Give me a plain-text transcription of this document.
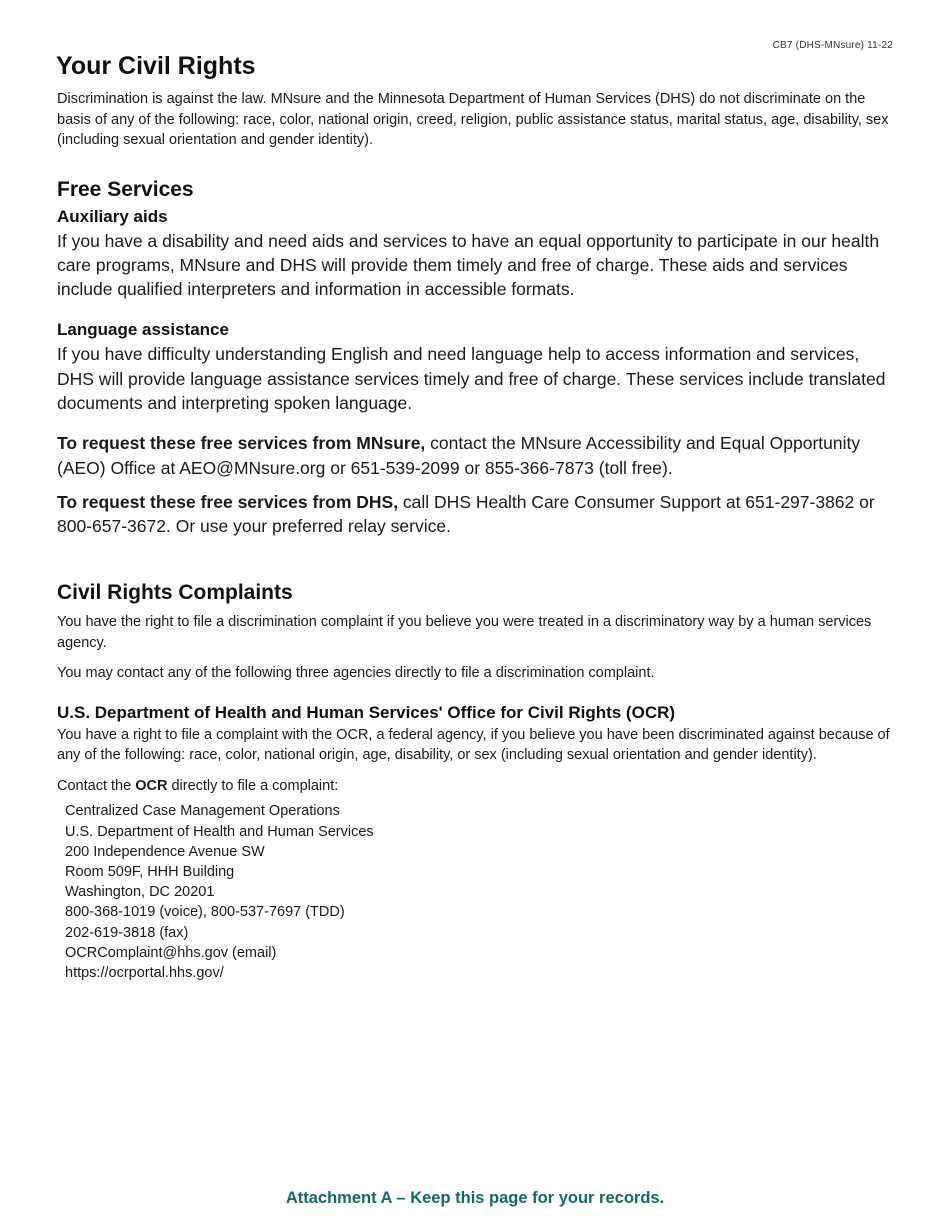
CB7 (DHS-MNsure) 11-22
Your Civil Rights

Discrimination is against the law. MNsure and the Minnesota Department of Human Services (DHS) do not discriminate on the basis of any of the following: race, color, national origin, creed, religion, public assistance status, marital status, age, disability, sex (including sexual orientation and gender identity).

Free Services
Auxiliary aids

If you have a disability and need aids and services to have an equal opportunity to participate in our health care programs, MNsure and DHS will provide them timely and free of charge. These aids and services include qualified interpreters and information in accessible formats.

Language assistance

If you have difficulty understanding English and need language help to access information and services, DHS will provide language assistance services timely and free of charge. These services include translated documents and interpreting spoken language.

To request these free services from MNsure, contact the MNsure Accessibility and Equal Opportunity (AEO) Office at AEO@MNsure.org or 651-539-2099 or 855-366-7873 (toll free).

To request these free services from DHS, call DHS Health Care Consumer Support at 651-297-3862 or 800-657-3672. Or use your preferred relay service.

Civil Rights Complaints

You have the right to file a discrimination complaint if you believe you were treated in a discriminatory way by a human services agency.

You may contact any of the following three agencies directly to file a discrimination complaint.

U.S. Department of Health and Human Services' Office for Civil Rights (OCR)

You have a right to file a complaint with the OCR, a federal agency, if you believe you have been discriminated against because of any of the following: race, color, national origin, age, disability, or sex (including sexual orientation and gender identity).

Contact the OCR directly to file a complaint:

Centralized Case Management Operations
U.S. Department of Health and Human Services
200 Independence Avenue SW
Room 509F, HHH Building
Washington, DC 20201
800-368-1019 (voice), 800-537-7697 (TDD)
202-619-3818 (fax)
OCRComplaint@hhs.gov (email)
https://ocrportal.hhs.gov/
Attachment A – Keep this page for your records.
